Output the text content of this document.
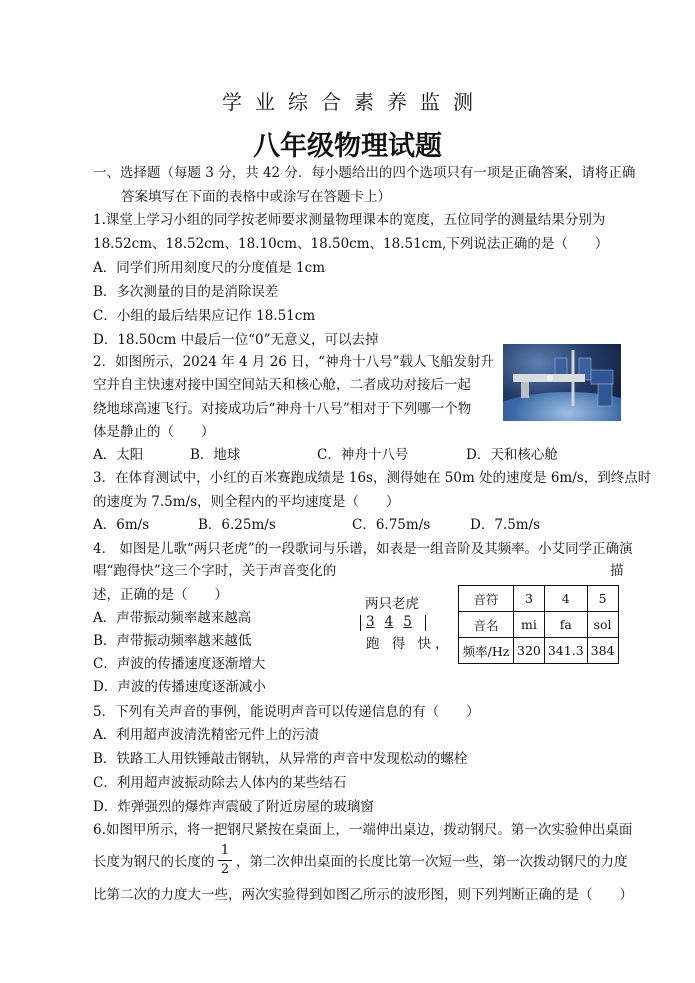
学业综合素养监测
八年级物理试题
一、选择题（每题 3 分，共 42 分．每小题给出的四个选项只有一项是正确答案，请将正确
答案填写在下面的表格中或涂写在答题卡上）
1.课堂上学习小组的同学按老师要求测量物理课本的宽度，五位同学的测量结果分别为
18.52cm、18.52cm、18.10cm、18.50cm、18.51cm,下列说法正确的是（　　）
A．同学们所用刻度尺的分度值是 1cm
B．多次测量的目的是消除误差
C．小组的最后结果应记作 18.51cm
D．18.50cm 中最后一位“0”无意义，可以去掉
2．如图所示，2024 年 4 月 26 日，“神舟十八号”载人飞船发射升
空并自主快速对接中国空间站天和核心舱，二者成功对接后一起
绕地球高速飞行。对接成功后“神舟十八号”相对于下列哪一个物
体是静止的（　　）
A．太阳	B．地球	C．神舟十八号	D．天和核心舱
3．在体育测试中，小红的百米赛跑成绩是 16s，测得她在 50m 处的速度是 6m/s，到终点时
的速度为 7.5m/s，则全程内的平均速度是（　　）
A．6m/s	B．6.25m/s	C．6.75m/s	D．7.5m/s
4． 如图是儿歌“两只老虎”的一段歌词与乐谱，如表是一组音阶及其频率。小艾同学正确演
唱“跑得快”这三个字时，关于声音变化的	描
述，正确的是（　　）
A．声带振动频率越来越高
B．声带振动频率越来越低
C．声波的传播速度逐渐增大
D．声波的传播速度逐渐减小
两只老虎
3 4 5
跑 得 快，
音符	3	4	5
音名	mi	fa	sol
频率/Hz	320	341.3	384
5．下列有关声音的事例，能说明声音可以传递信息的有（　　）
A．利用超声波清洗精密元件上的污渍
B．铁路工人用铁锤敲击钢轨，从异常的声音中发现松动的螺栓
C．利用超声波振动除去人体内的某些结石
D．炸弹强烈的爆炸声震破了附近房屋的玻璃窗
6.如图甲所示，将一把钢尺紧按在桌面上，一端伸出桌边，拨动钢尺。第一次实验伸出桌面
长度为钢尺的长度的
1
2 ，第二次伸出桌面的长度比第一次短一些，第一次拨动钢尺的力度
比第二次的力度大一些，两次实验得到如图乙所示的波形图，则下列判断正确的是（　　）
